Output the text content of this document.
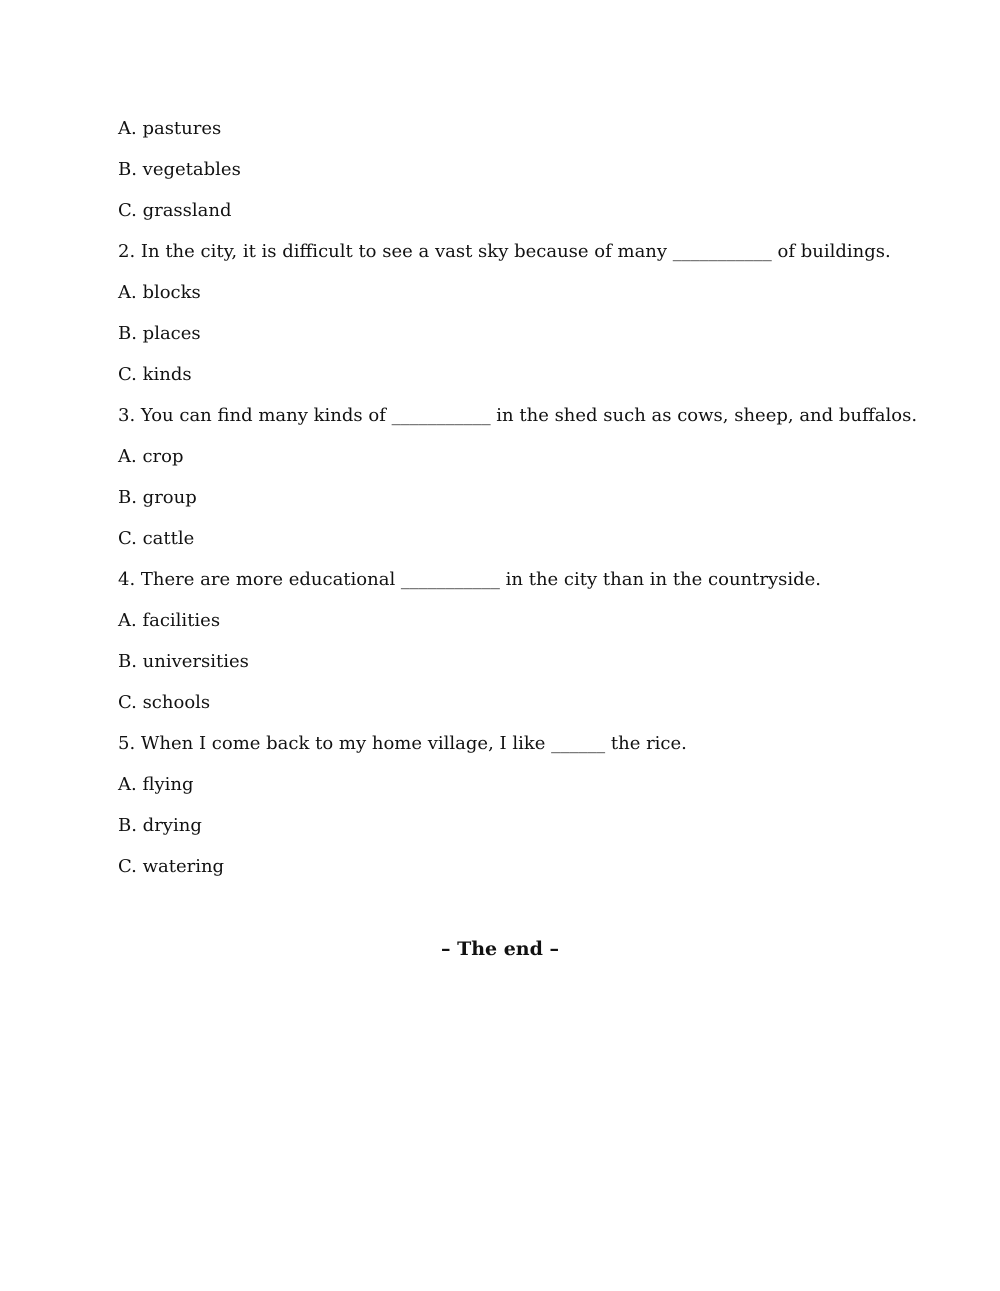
A. pastures
B. vegetables
C. grassland
2. In the city, it is difficult to see a vast sky because of many ___________ of buildings.
A. blocks
B. places
C. kinds
3. You can find many kinds of ___________ in the shed such as cows, sheep, and buffalos.
A. crop
B. group
C. cattle
4. There are more educational ___________ in the city than in the countryside.
A. facilities
B. universities
C. schools
5. When I come back to my home village, I like ______ the rice.
A. flying
B. drying
C. watering
– The end –
